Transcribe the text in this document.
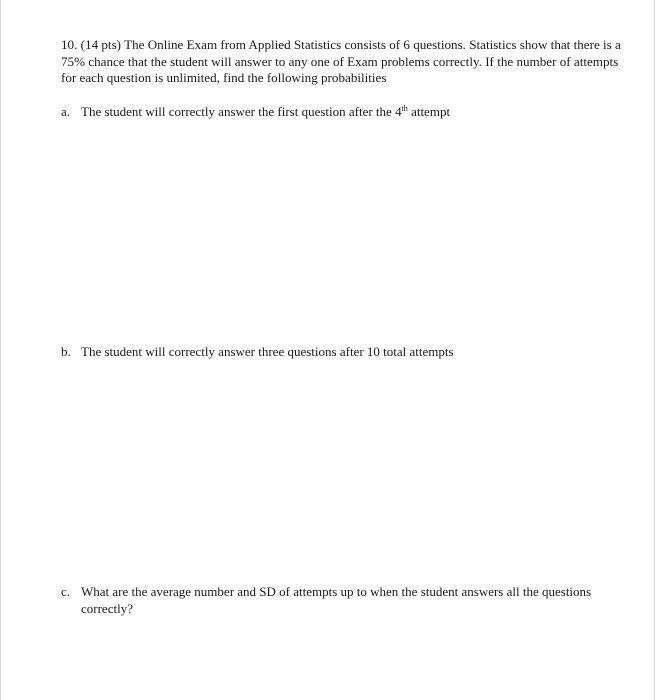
10. (14 pts) The Online Exam from Applied Statistics consists of 6 questions. Statistics show that there is a 75% chance that the student will answer to any one of Exam problems correctly. If the number of attempts for each question is unlimited, find the following probabilities

a. The student will correctly answer the first question after the 4th attempt

b. The student will correctly answer three questions after 10 total attempts

c. What are the average number and SD of attempts up to when the student answers all the questions correctly?
